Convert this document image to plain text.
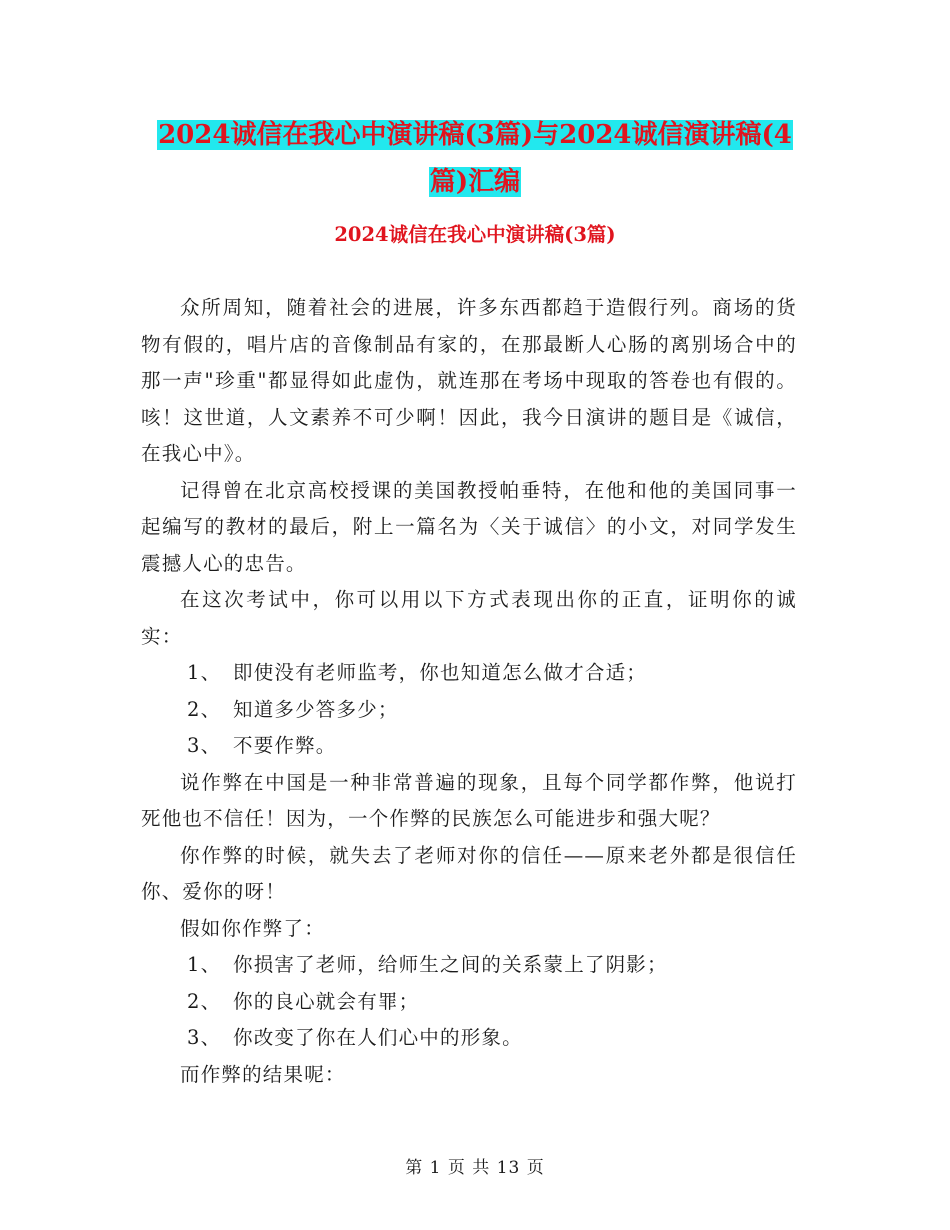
2024诚信在我心中演讲稿(3篇)与2024诚信演讲稿(4
篇)汇编
2024诚信在我心中演讲稿(3篇)

众所周知，随着社会的进展，许多东西都趋于造假行列。商场的货物有假的，唱片店的音像制品有家的，在那最断人心肠的离别场合中的那一声"珍重"都显得如此虚伪，就连那在考场中现取的答卷也有假的。咳！这世道，人文素养不可少啊！因此，我今日演讲的题目是《诚信，在我心中》。

记得曾在北京高校授课的美国教授帕垂特，在他和他的美国同事一起编写的教材的最后，附上一篇名为〈关于诚信〉的小文，对同学发生震撼人心的忠告。

在这次考试中，你可以用以下方式表现出你的正直，证明你的诚实：

1、 即使没有老师监考，你也知道怎么做才合适；

2、 知道多少答多少；

3、 不要作弊。

说作弊在中国是一种非常普遍的现象，且每个同学都作弊，他说打死他也不信任！因为，一个作弊的民族怎么可能进步和强大呢？

你作弊的时候，就失去了老师对你的信任——原来老外都是很信任你、爱你的呀！

假如你作弊了：

1、 你损害了老师，给师生之间的关系蒙上了阴影；

2、 你的良心就会有罪；

3、 你改变了你在人们心中的形象。

而作弊的结果呢：

第 1 页 共 13 页
